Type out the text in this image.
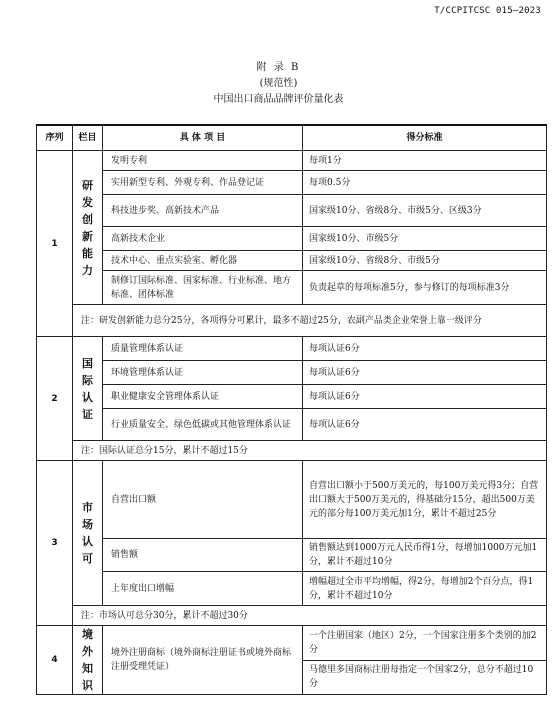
T/CCPITCSC 015—2023
附 录 B
(规范性)
中国出口商品品牌评价量化表
序列	栏目	具 体 项 目	得分标准
1	研发创新能力	发明专利	每项1分
		实用新型专利、外观专利、作品登记证	每项0.5分
		科技进步奖、高新技术产品	国家级10分、省级8分、市级5分、区级3分
		高新技术企业	国家级10分、市级5分
		技术中心、重点实验室、孵化器	国家级10分、省级8分、市级5分
		制修订国际标准、国家标准、行业标准、地方标准、团体标准	负责起草的每项标准5分，参与修订的每项标准3分
	注：研发创新能力总分25分，各项得分可累计，最多不超过25分，农副产品类企业荣誉上靠一级评分		
2	国际认证	质量管理体系认证	每项认证6分
		环境管理体系认证	每项认证6分
		职业健康安全管理体系认证	每项认证6分
		行业质量安全、绿色低碳或其他管理体系认证	每项认证6分
	注：国际认证总分15分，累计不超过15分		
3	市场认可	自营出口额	自营出口额小于500万美元的，每100万美元得3分；自营出口额大于500万美元的，得基础分15分，超出500万美元的部分每100万美元加1分，累计不超过25分
		销售额	销售额达到1000万元人民币得1分，每增加1000万元加1分，累计不超过10分
		上年度出口增幅	增幅超过全市平均增幅，得2分，每增加2个百分点，得1分，累计不超过10分
	注：市场认可总分30分，累计不超过30分		
4	境外知识	境外注册商标（境外商标注册证书或境外商标注册受理凭证）	一个注册国家（地区）2分，一个国家注册多个类别的加2分
			马德里多国商标注册每指定一个国家2分，总分不超过10分
